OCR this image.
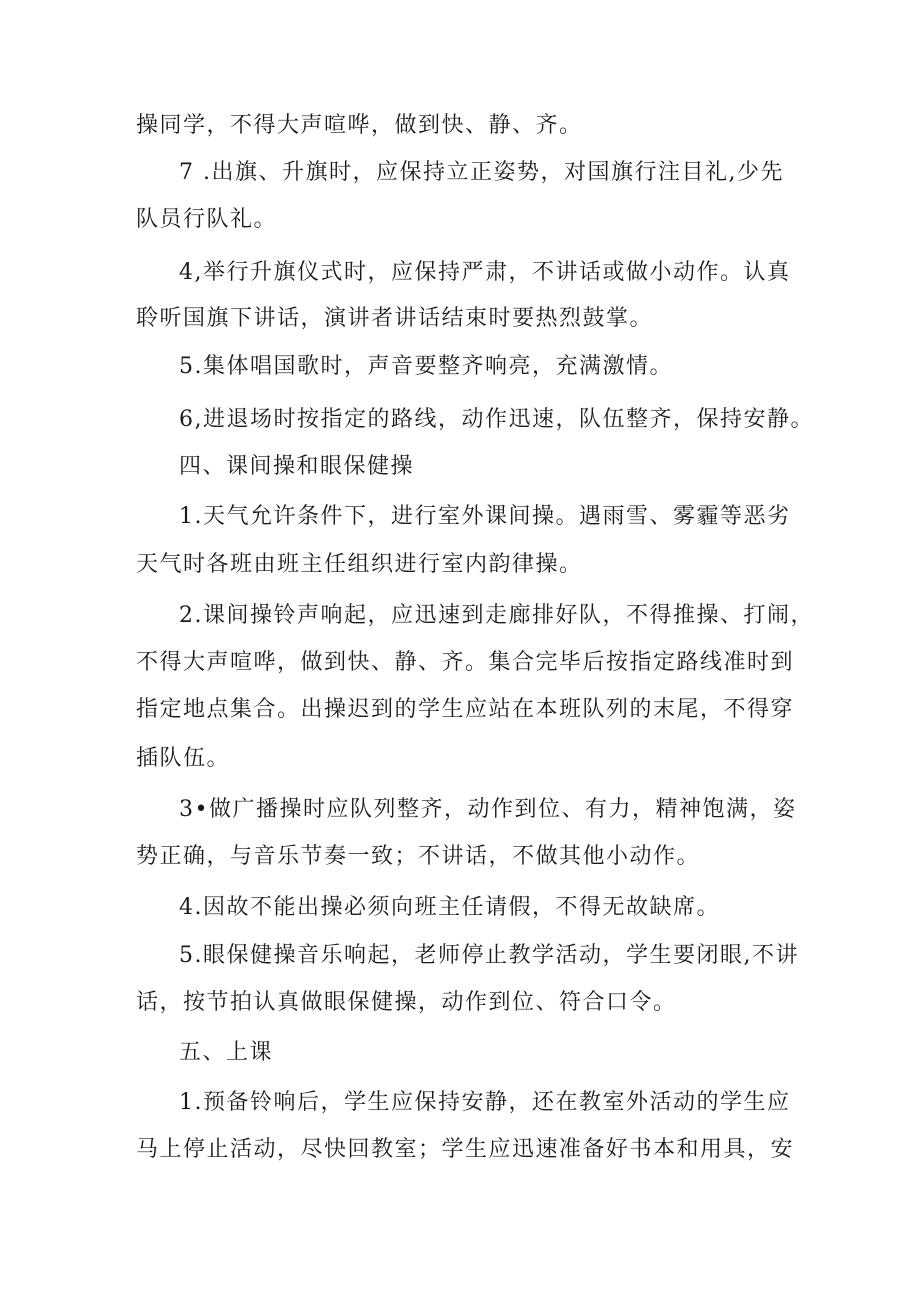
操同学，不得大声喧哗，做到快、静、齐。
7 .出旗、升旗时，应保持立正姿势，对国旗行注目礼,少先
队员行队礼。
4,举行升旗仪式时，应保持严肃，不讲话或做小动作。认真
聆听国旗下讲话，演讲者讲话结束时要热烈鼓掌。
5.集体唱国歌时，声音要整齐响亮，充满激情。
6,进退场时按指定的路线，动作迅速，队伍整齐，保持安静。
四、课间操和眼保健操
1.天气允许条件下，进行室外课间操。遇雨雪、雾霾等恶劣
天气时各班由班主任组织进行室内韵律操。
2.课间操铃声响起，应迅速到走廊排好队，不得推操、打闹，
不得大声喧哗，做到快、静、齐。集合完毕后按指定路线准时到
指定地点集合。出操迟到的学生应站在本班队列的末尾，不得穿
插队伍。
3•做广播操时应队列整齐，动作到位、有力，精神饱满，姿
势正确，与音乐节奏一致；不讲话，不做其他小动作。
4.因故不能出操必须向班主任请假，不得无故缺席。
5.眼保健操音乐响起，老师停止教学活动，学生要闭眼,不讲
话，按节拍认真做眼保健操，动作到位、符合口令。
五、上课
1.预备铃响后，学生应保持安静，还在教室外活动的学生应
马上停止活动，尽快回教室；学生应迅速准备好书本和用具，安
